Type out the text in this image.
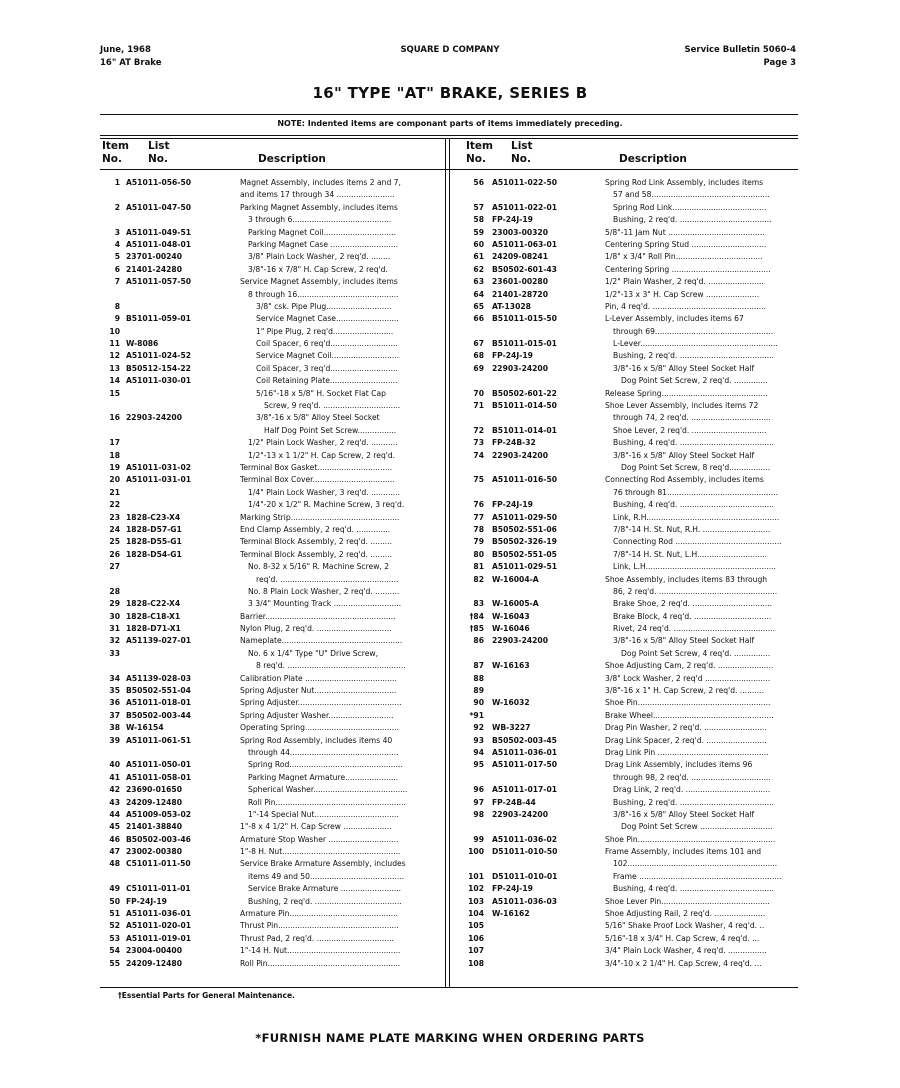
June, 1968
16" AT Brake
SQUARE D COMPANY	Service Bulletin 5060-4
Page 3
16" TYPE "AT" BRAKE, SERIES B
NOTE: Indented items are componant parts of items immediately preceding.
Item
No.
List
No.	Description
Item
No.
List
No.	Description
1 A51011-056-50	Magnet Assembly, includes items 2 and 7,
and items 17 through 34 ........................
2 A51011-047-50	Parking Magnet Assembly, includes items
3 through 6.........................................
3 A51011-049-51	Parking Magnet Coil..............................
4 A51011-048-01	Parking Magnet Case ............................
5 23701-00240	3/8" Plain Lock Washer, 2 req'd. ........
6 21401-24280	3/8"-16 x 7/8" H. Cap Screw, 2 req'd.
7 A51011-057-50	Service Magnet Assembly, includes items
8 through 16..........................................
8	3/8" csk. Pipe Plug...........................
9 B51011-059-01	Service Magnet Case..........................
10	1" Pipe Plug, 2 req'd.........................
11 W-8086	Coil Spacer, 6 req'd............................
12 A51011-024-52	Service Magnet Coil............................
13 B50512-154-22	Coil Spacer, 3 req'd............................
14 A51011-030-01	Coil Retaining Plate............................
15	5/16"-18 x 5/8" H. Socket Flat Cap
Screw, 9 req'd. ................................
16 22903-24200	3/8"-16 x 5/8" Alloy Steel Socket
Half Dog Point Set Screw................
17	1/2" Plain Lock Washer, 2 req'd. ...........
18	1/2"-13 x 1 1/2" H. Cap Screw, 2 req'd.
19 A51011-031-02	Terminal Box Gasket...............................
20 A51011-031-01	Terminal Box Cover..................................
21	1/4" Plain Lock Washer, 3 req'd. ............
22	1/4"-20 x 1/2" R. Machine Screw, 3 req'd.
23 1828-C23-X4	Marking Strip.............................................
24 1828-D57-G1	End Clamp Assembly, 2 req'd. ..............
25 1828-D55-G1	Terminal Block Assembly, 2 req'd. .........
26 1828-D54-G1	Terminal Block Assembly, 2 req'd. .........
27	No. 8-32 x 5/16" R. Machine Screw, 2
req'd. .................................................
28	No. 8 Plain Lock Washer, 2 req'd. ..........
29 1828-C22-X4	3 3/4" Mounting Track ............................
30 1828-C18-X1	Barrier......................................................
31 1828-D71-X1	Nylon Plug, 2 req'd. ...............................
32 A51139-027-01	Nameplate..................................................
33	No. 6 x 1/4" Type "U" Drive Screw,
8 req'd. .................................................
34 A51139-028-03	Calibration Plate ......................................
35 B50502-551-04	Spring Adjuster Nut..................................
36 A51011-018-01	Spring Adjuster...........................................
37 B50502-003-44	Spring Adjuster Washer...........................
38 W-16154	Operating Spring.......................................
39 A51011-061-51	Spring Rod Assembly, includes items 40
through 44.............................................
40 A51011-050-01	Spring Rod...............................................
41 A51011-058-01	Parking Magnet Armature......................
42 23690-01650	Spherical Washer.......................................
43 24209-12480	Roll Pin......................................................
44 A51009-053-02	1"-14 Special Nut...................................
45 21401-38840	1"-8 x 4 1/2" H. Cap Screw ....................
46 B50502-003-46	Armature Stop Washer .............................
47 23002-00380	1"-8 H. Nut.................................................
48 C51011-011-50	Service Brake Armature Assembly, includes
items 49 and 50.......................................
49 C51011-011-01	Service Brake Armature .........................
50 FP-24J-19	Bushing, 2 req'd. ....................................
51 A51011-036-01	Armature Pin.............................................
52 A51011-020-01	Thrust Pin..................................................
53 A51011-019-01	Thrust Pad, 2 req'd. ................................
54 23004-00400	1"-14 H. Nut...............................................
55 24209-12480	Roll Pin.......................................................
56 A51011-022-50	Spring Rod Link Assembly, includes items
57 and 58.................................................
57 A51011-022-01	Spring Rod Link.......................................
58 FP-24J-19	Bushing, 2 req'd. ......................................
59 23003-00320	5/8"-11 Jam Nut ........................................
60 A51011-063-01	Centering Spring Stud ...............................
61 24209-08241	1/8" x 3/4" Roll Pin....................................
62 B50502-601-43	Centering Spring .........................................
63 23601-00280	1/2" Plain Washer, 2 req'd. .......................
64 21401-28720	1/2"-13 x 3" H. Cap Screw ......................
65 AT-13028	Pin, 4 req'd. ...............................................
66 B51011-015-50	L-Lever Assembly, includes items 67
through 69.................................................
67 B51011-015-01	L-Lever.........................................................
68 FP-24J-19	Bushing, 2 req'd. .......................................
69 22903-24200	3/8"-16 x 5/8" Alloy Steel Socket Half
Dog Point Set Screw, 2 req'd. ..............
70 B50502-601-22	Release Spring............................................
71 B51011-014-50	Shoe Lever Assembly, includes items 72
through 74, 2 req'd. .................................
72 B51011-014-01	Shoe Lever, 2 req'd. ...............................
73 FP-24B-32	Bushing, 4 req'd. .......................................
74 22903-24200	3/8"-16 x 5/8" Alloy Steel Socket Half
Dog Point Set Screw, 8 req'd.................
75 A51011-016-50	Connecting Rod Assembly, includes items
76 through 81..............................................
76 FP-24J-19	Bushing, 4 req'd. .......................................
77 A51011-029-50	Link, R.H.......................................................
78 B50502-551-06	7/8"-14 H. St. Nut, R.H. ............................
79 B50502-326-19	Connecting Rod ............................................
80 B50502-551-05	7/8"-14 H. St. Nut, L.H.............................
81 A51011-029-51	Link, L.H......................................................
82 W-16004-A	Shoe Assembly, includes items 83 through
86, 2 req'd. .................................................
83 W-16005-A	Brake Shoe, 2 req'd. .................................
†84 W-16043	Brake Block, 4 req'd. ................................
†85 W-16046	Rivet, 24 req'd. ..........................................
86 22903-24200	3/8"-16 x 5/8" Alloy Steel Socket Half
Dog Point Set Screw, 4 req'd. ...............
87 W-16163	Shoe Adjusting Cam, 2 req'd. .......................
88	3/8" Lock Washer, 2 req'd ...........................
89	3/8"-16 x 1" H. Cap Screw, 2 req'd. ..........
90 W-16032	Shoe Pin.......................................................
*91	Brake Wheel..................................................
92 WB-3227	Drag Pin Washer, 2 req'd. ..........................
93 B50502-003-45	Drag Link Spacer, 2 req'd. .........................
94 A51011-036-01	Drag Link Pin ..............................................
95 A51011-017-50	Drag Link Assembly, includes items 96
through 98, 2 req'd. .................................
96 A51011-017-01	Drag Link, 2 req'd. ...................................
97 FP-24B-44	Bushing, 2 req'd. .......................................
98 22903-24200	3/8"-16 x 5/8" Alloy Steel Socket Half
Dog Point Set Screw ..............................
99 A51011-036-02	Shoe Pin.........................................................
100 D51011-010-50	Frame Assembly, includes items 101 and
102..............................................................
101 D51011-010-01	Frame ...........................................................
102 FP-24J-19	Bushing, 4 req'd. .......................................
103 A51011-036-03	Shoe Lever Pin.............................................
104 W-16162	Shoe Adjusting Rail, 2 req'd. .....................
105	5/16" Shake Proof Lock Washer, 4 req'd. ..
106	5/16"-18 x 3/4" H. Cap Screw, 4 req'd. ...
107	3/4" Plain Lock Washer, 4 req'd. ................
108	3/4"-10 x 2 1/4" H. Cap Screw, 4 req'd. ...
†Essential Parts for General Maintenance.
*FURNISH NAME PLATE MARKING WHEN ORDERING PARTS
